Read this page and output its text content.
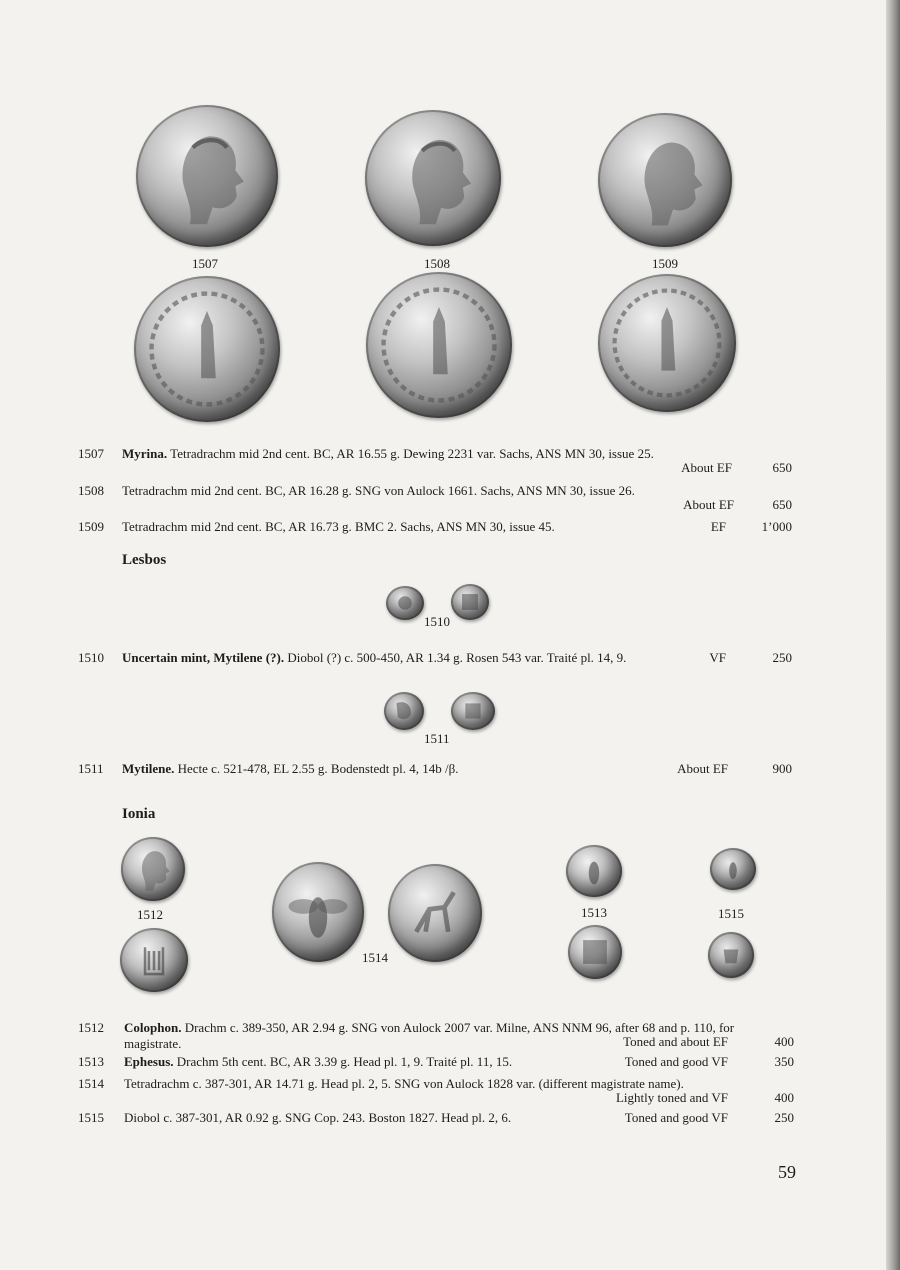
1507	1508	1509
1507 Myrina. Tetradrachm mid 2nd cent. BC, AR 16.55 g. Dewing 2231 var. Sachs, ANS MN 30, issue 25.
About EF	650
1508 Tetradrachm mid 2nd cent. BC, AR 16.28 g. SNG von Aulock 1661. Sachs, ANS MN 30, issue 26.
About EF	650
1509 Tetradrachm mid 2nd cent. BC, AR 16.73 g. BMC 2. Sachs, ANS MN 30, issue 45.	EF	1’000
Lesbos
1510
1510 Uncertain mint, Mytilene (?). Diobol (?) c. 500-450, AR 1.34 g. Rosen 543 var. Traité pl. 14, 9.	VF	250
1511
1511 Mytilene. Hecte c. 521-478, EL 2.55 g. Bodenstedt pl. 4, 14b /β.	About EF	900
Ionia
1512
1514
1513	1515
1512 Colophon. Drachm c. 389-350, AR 2.94 g. SNG von Aulock 2007 var. Milne, ANS NNM 96, after 68 and p. 110, for
magistrate.	Toned and about EF	400
1513 Ephesus. Drachm 5th cent. BC, AR 3.39 g. Head pl. 1, 9. Traité pl. 11, 15.	Toned and good VF	350
1514 Tetradrachm c. 387-301, AR 14.71 g. Head pl. 2, 5. SNG von Aulock 1828 var. (different magistrate name).
Lightly toned and VF	400
1515 Diobol c. 387-301, AR 0.92 g. SNG Cop. 243. Boston 1827. Head pl. 2, 6.	Toned and good VF	250
59
